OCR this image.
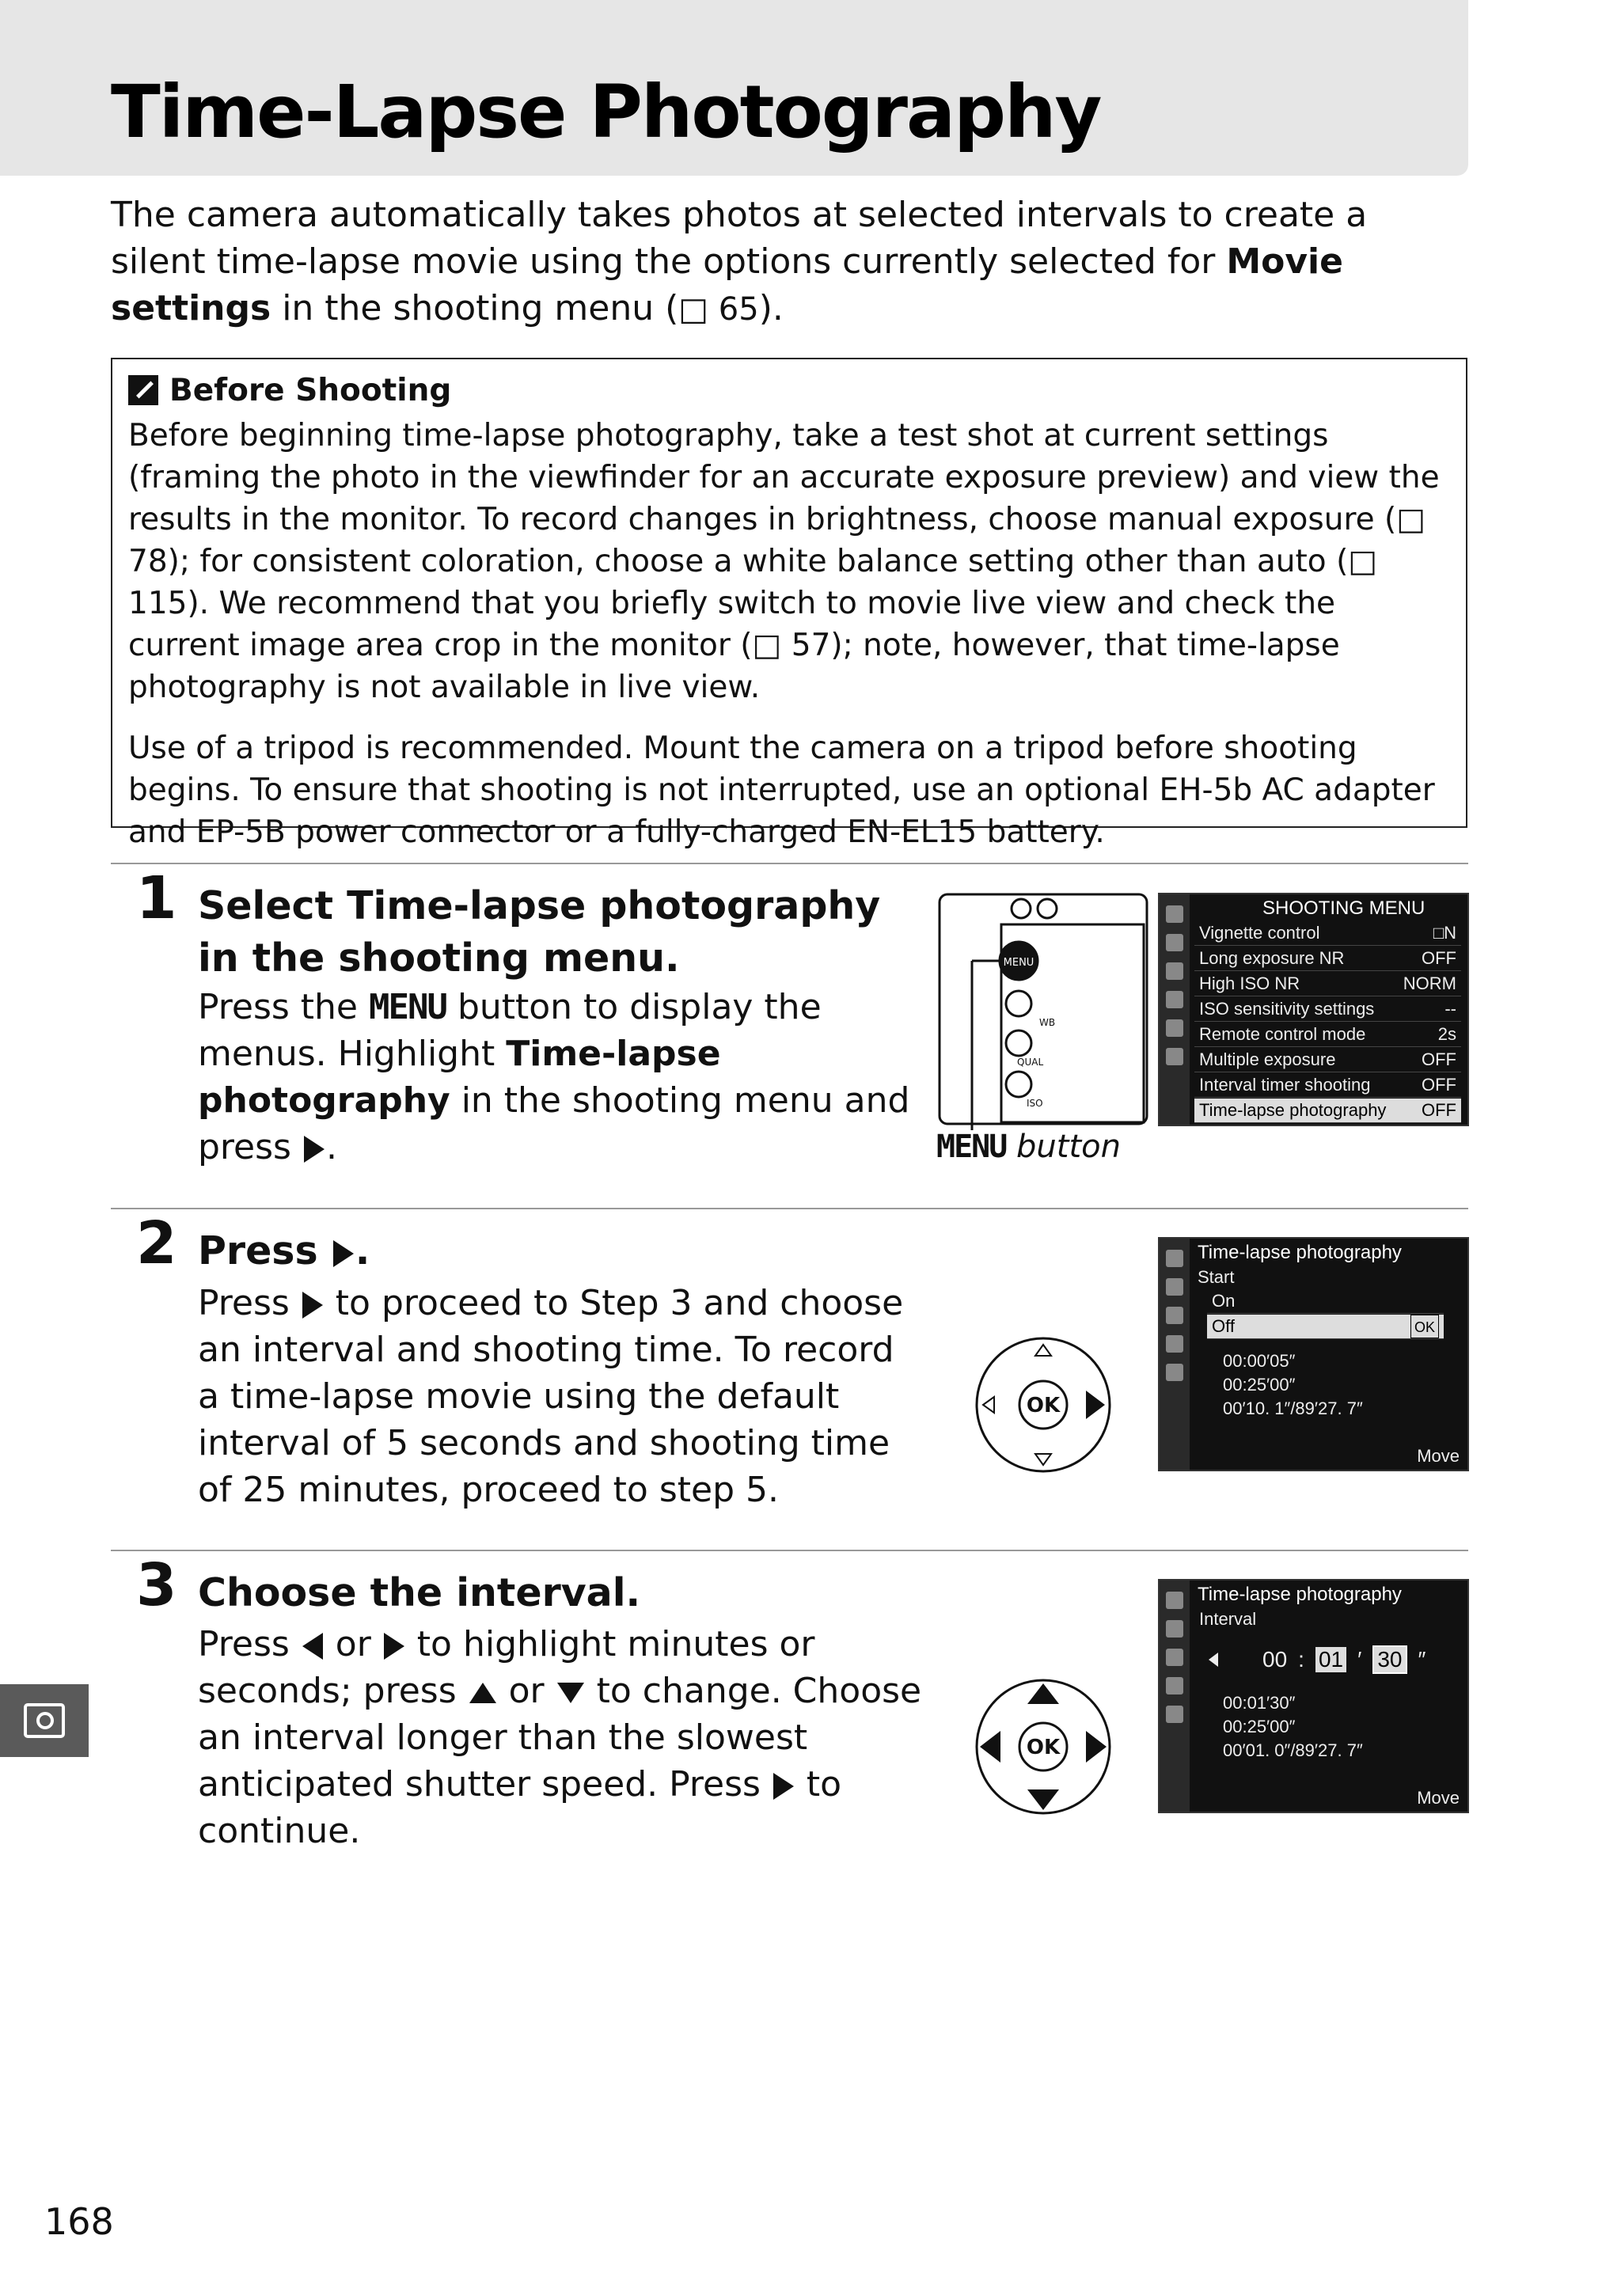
Time-Lapse Photography

The camera automatically takes photos at selected intervals to create a silent time-lapse movie using the options currently selected for Movie settings in the shooting menu (□ 65).

Before Shooting

Before beginning time-lapse photography, take a test shot at current settings (framing the photo in the viewfinder for an accurate exposure preview) and view the results in the monitor. To record changes in brightness, choose manual exposure (□ 78); for consistent coloration, choose a white balance setting other than auto (□ 115). We recommend that you briefly switch to movie live view and check the current image area crop in the monitor (□ 57); note, however, that time-lapse photography is not available in live view.

Use of a tripod is recommended. Mount the camera on a tripod before shooting begins. To ensure that shooting is not interrupted, use an optional EH-5b AC adapter and EP-5B power connector or a fully-charged EN-EL15 battery.

1 Select Time-lapse photography in the shooting menu.
Press the MENU button to display the menus. Highlight Time-lapse photography in the shooting menu and press .
MENU
WB
QUAL
ISO
MENU button
SHOOTING MENU
Vignette control	□N
Long exposure NR	OFF
High ISO NR	NORM
ISO sensitivity settings	--
Remote control mode	2s
Multiple exposure	OFF
Interval timer shooting	OFF
Time-lapse photography OFF
2 Press .
Press  to proceed to Step 3 and choose an interval and shooting time. To record a time-lapse movie using the default interval of 5 seconds and shooting time of 25 minutes, proceed to step 5.
OK
Time-lapse photography
Start
On
Off	OK
00:00′05″
00:25′00″
00′10. 1″/89′27. 7″
Move
3 Choose the interval.
Press  or  to highlight minutes or seconds; press  or  to change. Choose an interval longer than the slowest anticipated shutter speed. Press  to continue.
OK
Time-lapse photography
Interval
00 : 01 ′ 30 ″
00:01′30″
00:25′00″
00′01. 0″/89′27. 7″
Move
168
